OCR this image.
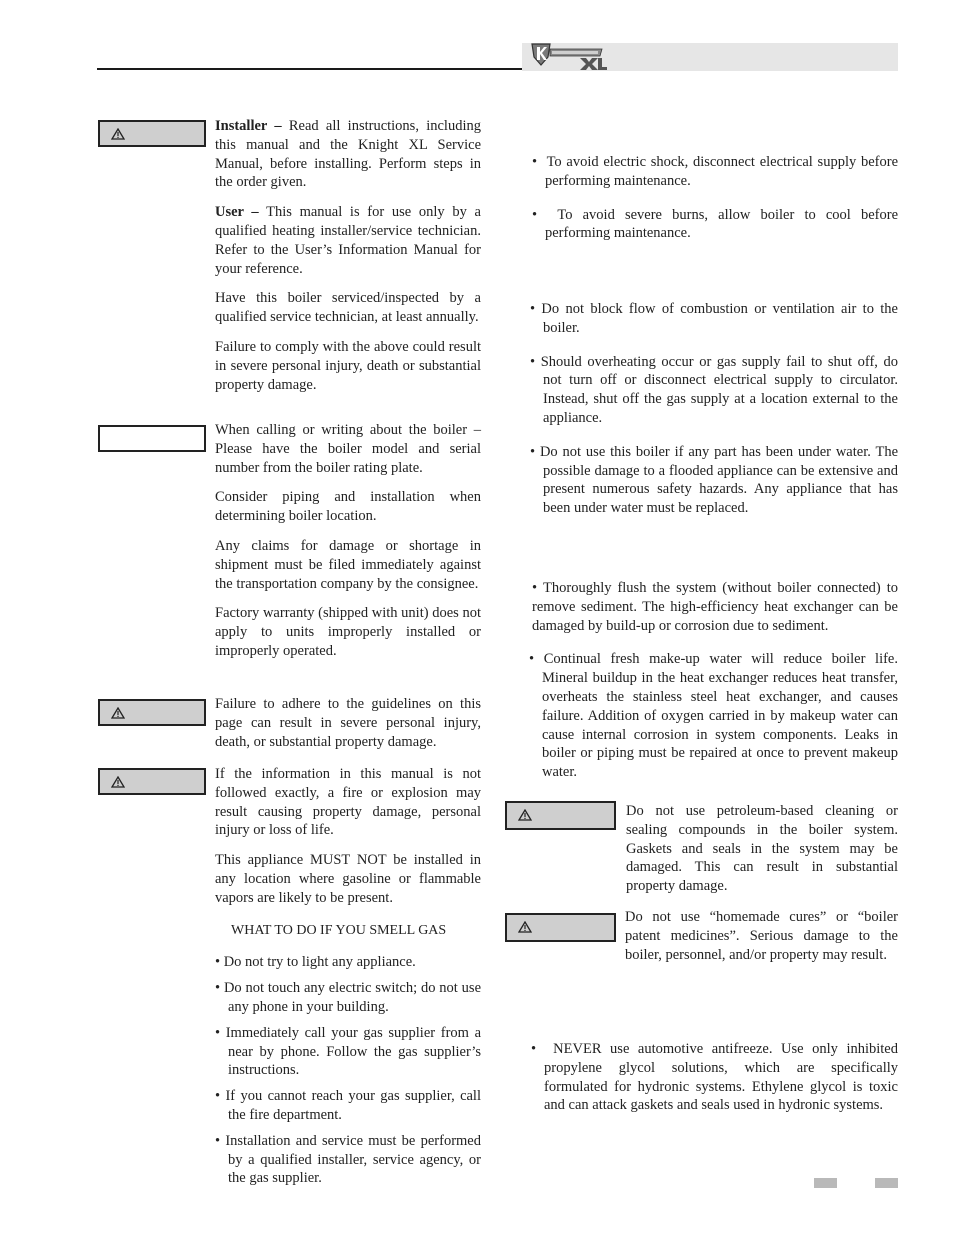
Installer – Read all instructions, including this manual and the Knight XL Service Manual, before installing. Perform steps in the order given.

User – This manual is for use only by a qualified heating installer/service technician. Refer to the User’s Information Manual for your reference.

Have this boiler serviced/inspected by a qualified service technician, at least annually.

Failure to comply with the above could result in severe personal injury, death or substantial property damage.

When calling or writing about the boiler – Please have the boiler model and serial number from the boiler rating plate.

Consider piping and installation when determining boiler location.

Any claims for damage or shortage in shipment must be filed immediately against the transportation company by the consignee.

Factory warranty (shipped with unit) does not apply to units improperly installed or improperly operated.

Failure to adhere to the guidelines on this page can result in severe personal injury, death, or substantial property damage.

If the information in this manual is not followed exactly, a fire or explosion may result causing property damage, personal injury or loss of life.

This appliance MUST NOT be installed in any location where gasoline or flammable vapors are likely to be present.

WHAT TO DO IF YOU SMELL GAS

• Do not try to light any appliance.

• Do not touch any electric switch; do not use any phone in your building.

• Immediately call your gas supplier from a near by phone. Follow the gas supplier’s instructions.

• If you cannot reach your gas supplier, call the fire department.

• Installation and service must be performed by a qualified installer, service agency, or the gas supplier.

•  To avoid electric shock, disconnect electrical supply before performing maintenance.

•  To avoid severe burns, allow boiler to cool before performing maintenance.

• Do not block flow of combustion or ventilation air to the boiler.

• Should overheating occur or gas supply fail to shut off, do not turn off or disconnect electrical supply to circulator. Instead, shut off the gas supply at a location external to the appliance.

• Do not use this boiler if any part has been under water. The possible damage to a flooded appliance can be extensive and present numerous safety hazards. Any appliance that has been under water must be replaced.

• Thoroughly flush the system (without boiler connected) to remove sediment. The high-efficiency heat exchanger can be damaged by build-up or corrosion due to sediment.

• Continual fresh make-up water will reduce boiler life. Mineral buildup in the heat exchanger reduces heat transfer, overheats the stainless steel heat exchanger, and causes failure. Addition of oxygen carried in by makeup water can cause internal corrosion in system components. Leaks in boiler or piping must be repaired at once to prevent makeup water.

Do not use petroleum-based cleaning or sealing compounds in the boiler system. Gaskets and seals in the system may be damaged. This can result in substantial property damage.

Do not use “homemade cures” or “boiler patent medicines”. Serious damage to the boiler, personnel, and/or property may result.

•  NEVER use automotive antifreeze. Use only inhibited propylene glycol solutions, which are specifically formulated for hydronic systems. Ethylene glycol is toxic and can attack gaskets and seals used in hydronic systems.
